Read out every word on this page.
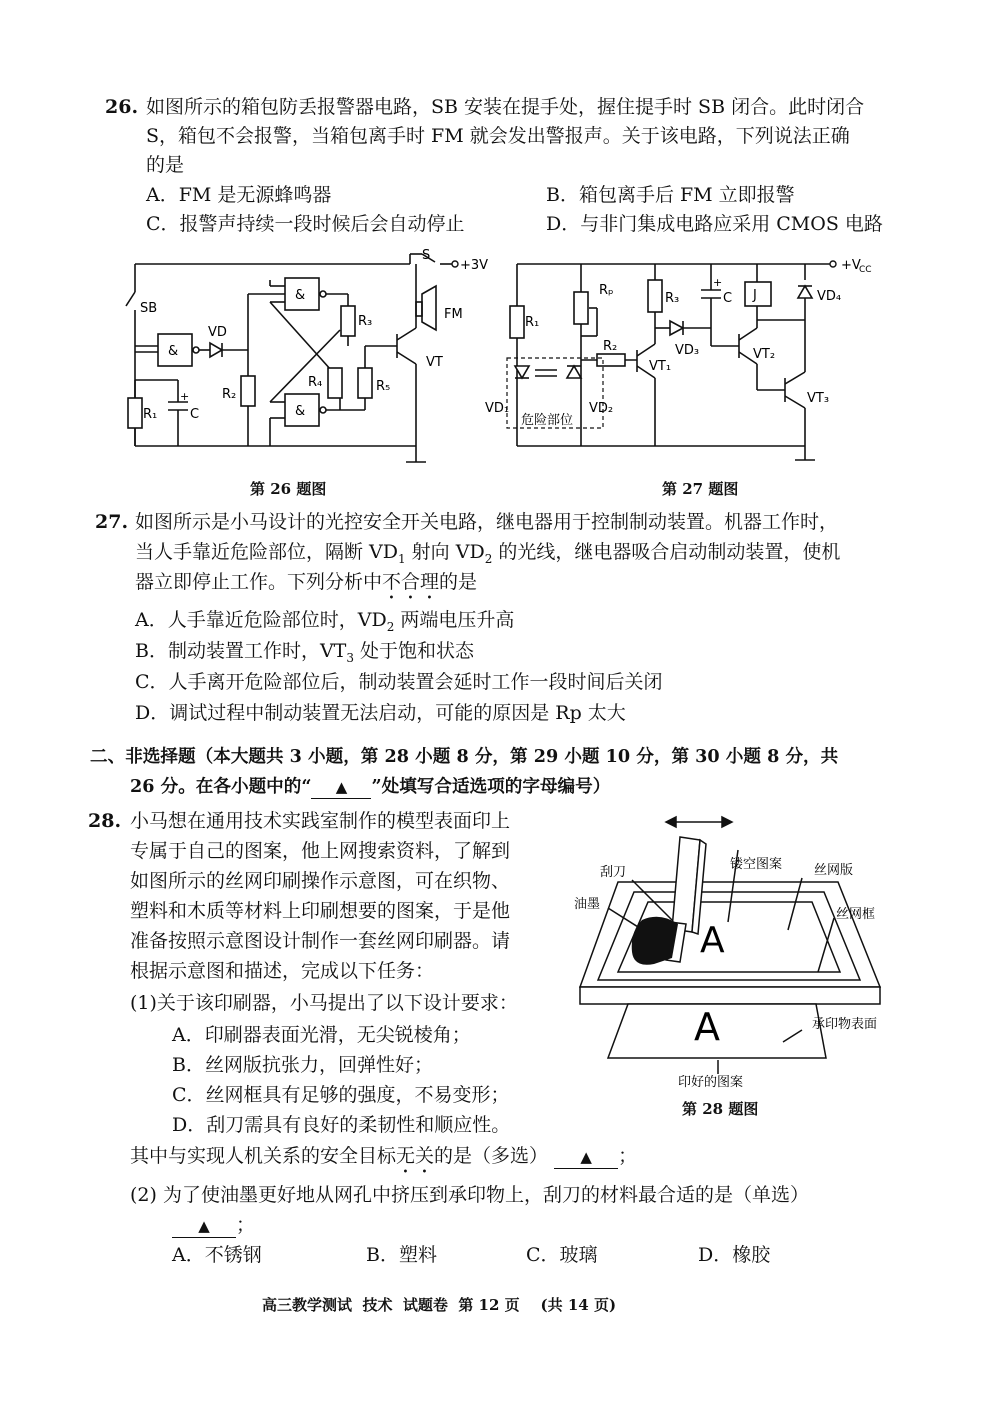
26. 如图所示的箱包防丢报警器电路，SB 安装在提手处，握住提手时 SB 闭合。此时闭合
S，箱包不会报警，当箱包离手时 FM 就会发出警报声。关于该电路，下列说法正确
的是
A．FM 是无源蜂鸣器	B．箱包离手后 FM 立即报警
C．报警声持续一段时候后会自动停止	D．与非门集成电路应采用 CMOS 电路
+3V
S
SB
&
&
&
VD
R₁	C
+	R₂
R₃
R₄	R₅
VT
FM
+V
CC
R₁
Rₚ
R₂
R₃	C
+
J	VD₄
VD₃
VT₁
VT₂
VT₃
VD₁	VD₂
危险部位
第 26 题图	第 27 题图
27. 如图所示是小马设计的光控安全开关电路，继电器用于控制制动装置。机器工作时，
当人手靠近危险部位，隔断 $VD_1$ 射向 $VD_2$ 的光线，继电器吸合启动制动装置，使机
器立即停止工作。下列分析中不合理的是
A．人手靠近危险部位时，$VD_2$ 两端电压升高
B．制动装置工作时，$VT_3$ 处于饱和状态
C．人手离开危险部位后，制动装置会延时工作一段时间后关闭
D．调试过程中制动装置无法启动，可能的原因是 Rp 太大
二、非选择题（本大题共 3 小题，第 28 小题 8 分，第 29 小题 10 分，第 30 小题 8 分，共
26 分。在各小题中的“ ▲ ”处填写合适选项的字母编号）
28. 小马想在通用技术实践室制作的模型表面印上
专属于自己的图案，他上网搜索资料，了解到
如图所示的丝网印刷操作示意图，可在织物、
塑料和木质等材料上印刷想要的图案，于是他
准备按照示意图设计制作一套丝网印刷器。请
根据示意图和描述，完成以下任务：
(1)关于该印刷器，小马提出了以下设计要求：
A．印刷器表面光滑，无尖锐棱角；
B．丝网版抗张力，回弹性好；
C．丝网框具有足够的强度，不易变形；
D．刮刀需具有良好的柔韧性和顺应性。
其中与实现人机关系的安全目标无关的是（多选） ▲ ；
(2) 为了使油墨更好地从网孔中挤压到承印物上，刮刀的材料最合适的是（单选）
▲ ；
A．不锈钢	B．塑料	C．玻璃	D．橡胶
A
A
刮刀
油墨
镂空图案 丝网版
丝网框
承印物表面
印好的图案
第 28 题图
高三教学测试  技术  试题卷  第 12 页    (共 14 页)
